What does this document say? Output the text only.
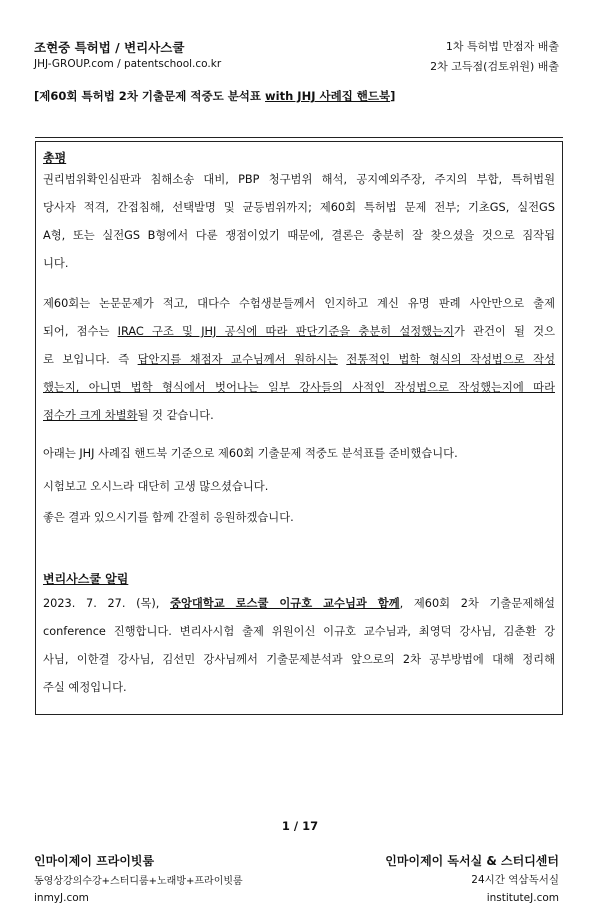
조현중 특허법 / 변리사스쿨
JHJ-GROUP.com / patentschool.co.kr
1차 특허법 만점자 배출
2차 고득점(검토위원) 배출
[제60회 특허법 2차 기출문제 적중도 분석표 with JHJ 사례집 핸드북]
총평
권리범위확인심판과 침해소송 대비, PBP 청구범위 해석, 공지예외주장, 주지의 부합, 특허법원
당사자 적격, 간접침해, 선택발명 및 균등범위까지; 제60회 특허법 문제 전부; 기초GS, 실전GS
A형, 또는 실전GS B형에서 다룬 쟁점이었기 때문에, 결론은 충분히 잘 찾으셨을 것으로 짐작됩
니다.
제60회는 논문문제가 적고, 대다수 수험생분들께서 인지하고 계신 유명 판례 사안만으로 출제
되어, 점수는 IRAC 구조 및 JHJ 공식에 따라 판단기준을 충분히 설정했는지가 관건이 될 것으
로 보입니다. 즉 답안지를 채점자 교수님께서 원하시는 전통적인 법학 형식의 작성법으로 작성
했는지, 아니면 법학 형식에서 벗어나는 일부 강사들의 사적인 작성법으로 작성했는지에 따라
점수가 크게 차별화될 것 같습니다.
아래는 JHJ 사례집 핸드북 기준으로 제60회 기출문제 적중도 분석표를 준비했습니다.
시험보고 오시느라 대단히 고생 많으셨습니다.
좋은 결과 있으시기를 함께 간절히 응원하겠습니다.
변리사스쿨 알림
2023. 7. 27. (목), 중앙대학교 로스쿨 이규호 교수님과 함께, 제60회 2차 기출문제해설
conference 진행합니다. 변리사시험 출제 위원이신 이규호 교수님과, 최영덕 강사님, 김춘환 강
사님, 이한결 강사님, 김선민 강사님께서 기출문제분석과 앞으로의 2차 공부방법에 대해 정리해
주실 예정입니다.
1 / 17
인마이제이 프라이빗룸
동영상강의수강+스터디룸+노래방+프라이빗룸
inmyJ.com
인마이제이 독서실 & 스터디센터
24시간 역삼독서실
instituteJ.com
